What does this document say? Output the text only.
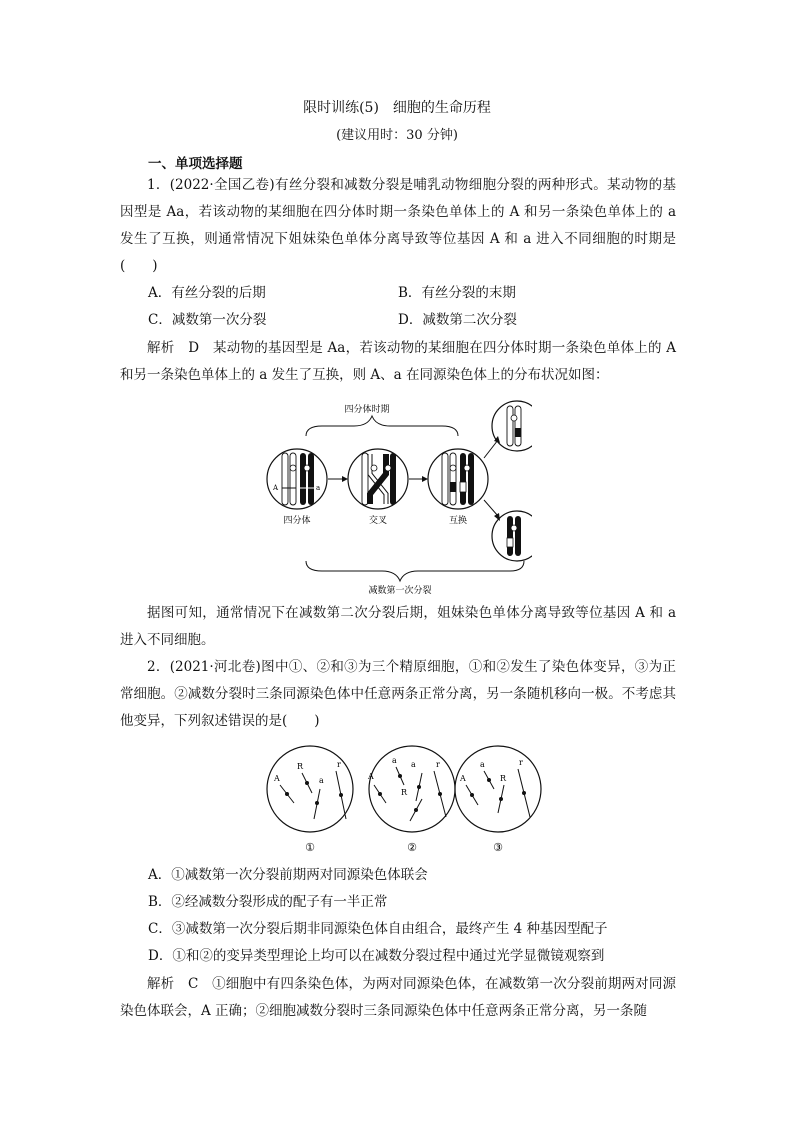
限时训练(5)　细胞的生命历程
(建议用时：30 分钟)
一、单项选择题
1．(2022·全国乙卷)有丝分裂和减数分裂是哺乳动物细胞分裂的两种形式。某动物的基因型是 Aa，若该动物的某细胞在四分体时期一条染色单体上的 A 和另一条染色单体上的 a 发生了互换，则通常情况下姐妹染色单体分离导致等位基因 A 和 a 进入不同细胞的时期是(　　)
A．有丝分裂的后期	B．有丝分裂的末期
C．减数第一次分裂	D．减数第二次分裂
解析　D　某动物的基因型是 Aa，若该动物的某细胞在四分体时期一条染色单体上的 A 和另一条染色单体上的 a 发生了互换，则 A、a 在同源染色体上的分布状况如图：
四分体时期
A	a
四分体	交叉	互换
减数第一次分裂
据图可知，通常情况下在减数第二次分裂后期，姐妹染色单体分离导致等位基因 A 和 a 进入不同细胞。
2．(2021·河北卷)图中①、②和③为三个精原细胞，①和②发生了染色体变异，③为正常细胞。②减数分裂时三条同源染色体中任意两条正常分离，另一条随机移向一极。不考虑其他变异，下列叙述错误的是(　　)
A
R
a
r
A
a a
R
r
A
a
R
r
①	②	③
A．①减数第一次分裂前期两对同源染色体联会
B．②经减数分裂形成的配子有一半正常
C．③减数第一次分裂后期非同源染色体自由组合，最终产生 4 种基因型配子
D．①和②的变异类型理论上均可以在减数分裂过程中通过光学显微镜观察到
解析　C　①细胞中有四条染色体，为两对同源染色体，在减数第一次分裂前期两对同源染色体联会，A 正确；②细胞减数分裂时三条同源染色体中任意两条正常分离，另一条随
